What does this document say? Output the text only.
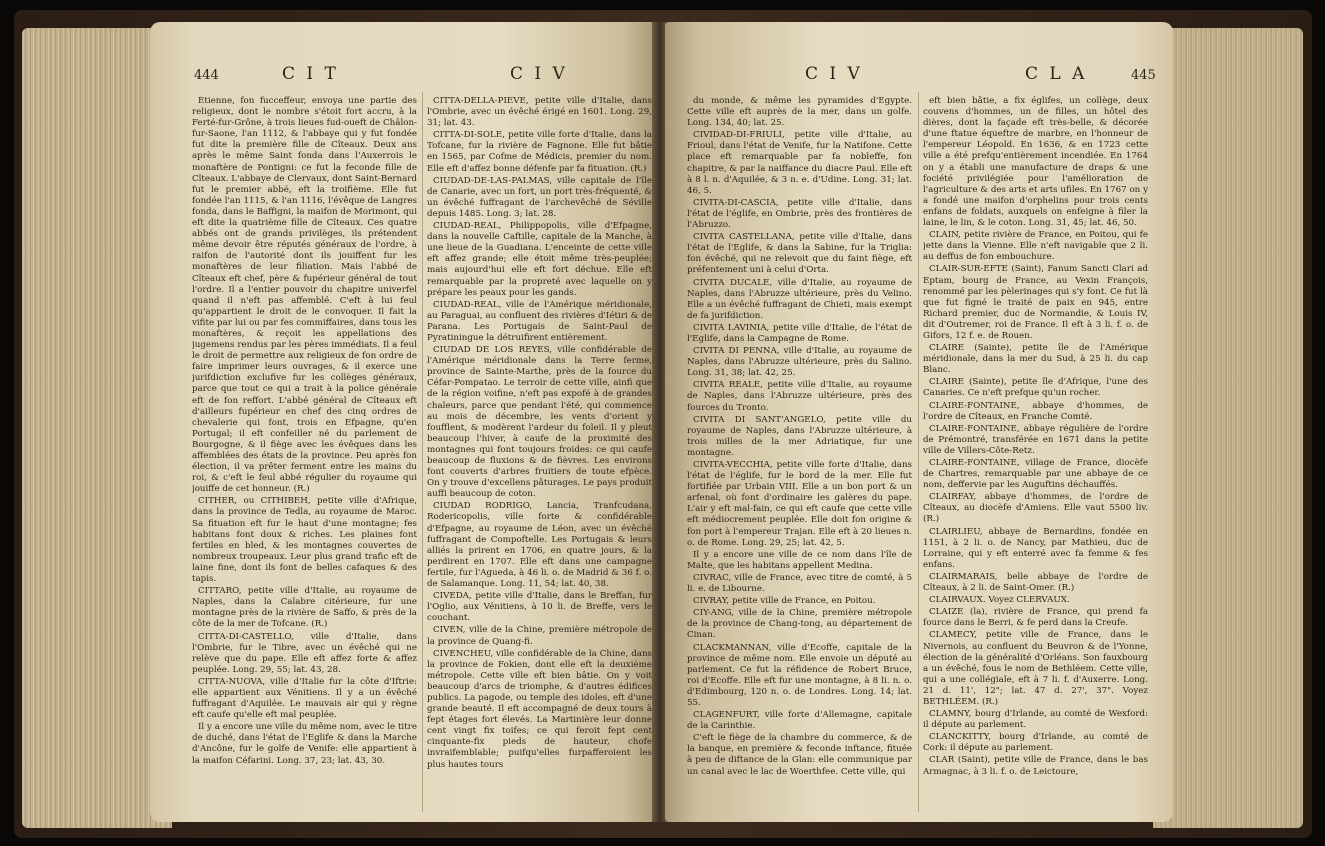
444	C I T	C I V

Étienne, fon fucceffeur, envoya une partie des religieux, dont le nombre s'étoit fort accru, à la Ferté-fur-Grône, à trois lieues fud-oueft de Châlon-fur-Saone, l'an 1112, & l'abbaye qui y fut fondée fut dite la première fille de Cîteaux. Deux ans après le même Saint fonda dans l'Auxerrois le monaftère de Pontigni: ce fut la feconde fille de Cîteaux. L'abbaye de Clervaux, dont Saint-Bernard fut le premier abbé, eft la troifième. Elle fut fondée l'an 1115, & l'an 1116, l'évêque de Langres fonda, dans le Baffigni, la maifon de Morimont, qui eft dite la quatrième fille de Cîteaux. Ces quatre abbés ont de grands privilèges, ils prétendent même devoir être réputés généraux de l'ordre, à raifon de l'autorité dont ils jouiffent fur les monaftères de leur filiation. Mais l'abbé de Cîteaux eft chef, père & fupérieur général de tout l'ordre. Il a l'entier pouvoir du chapitre univerfel quand il n'eft pas affemblé. C'eft à lui feul qu'appartient le droit de le convoquer. Il fait la vifite par lui ou par fes commiffaires, dans tous les monaftères, & reçoit les appellations des jugemens rendus par les pères immédiats. Il a feul le droit de permettre aux religieux de fon ordre de faire imprimer leurs ouvrages, & il exerce une jurifdiction exclufive fur les collèges généraux, parce que tout ce qui a trait à la police générale eft de fon reffort. L'abbé général de Cîteaux eft d'ailleurs fupérieur en chef des cinq ordres de chevalerie qui font, trois en Efpagne, qu'en Portugal; il eft confeiller né du parlement de Bourgogne, & il fiège avec les évêques dans les affemblées des états de la province. Peu après fon élection, il va prêter ferment entre les mains du roi, & c'eft le feul abbé régulier du royaume qui jouiffe de cet honneur. (R.)

CITHER, ou CITHIBEH, petite ville d'Afrique, dans la province de Tedla, au royaume de Maroc. Sa fituation eft fur le haut d'une montagne; fes habitans font doux & riches. Les plaines font fertiles en bled, & les montagnes couvertes de nombreux troupeaux. Leur plus grand trafic eft de laine fine, dont ils font de belles cafaques & des tapis.

CITTARO, petite ville d'Italie, au royaume de Naples, dans la Calabre citérieure, fur une montagne près de la rivière de Saffo, & près de la côte de la mer de Tofcane. (R.)

CITTA-DI-CASTELLO, ville d'Italie, dans l'Ombrie, fur le Tibre, avec un évêché qui ne relève que du pape. Elle eft affez forte & affez peuplée. Long. 29, 55; lat. 43, 28.

CITTA-NUOVA, ville d'Italie fur la côte d'Iftrie: elle appartient aux Vénitiens. Il y a un évêché fuffragant d'Aquilée. Le mauvais air qui y règne eft caufe qu'elle eft mal peuplée.

Il y a encore une ville du même nom, avec le titre de duché, dans l'état de l'Eglife & dans la Marche d'Ancône, fur le golfe de Venife: elle appartient à la maifon Céfarini. Long. 37, 23; lat. 43, 30.

CITTA-DELLA-PIEVE, petite ville d'Italie, dans l'Ombrie, avec un évêché érigé en 1601. Long. 29, 31; lat. 43.

CITTA-DI-SOLE, petite ville forte d'Italie, dans la Tofcane, fur la rivière de Fagnone. Elle fut bâtie en 1565, par Cofme de Médicis, premier du nom. Elle eft d'affez bonne défenfe par fa fituation. (R.)

CIUDAD-DE-LAS-PALMAS, ville capitale de l'île de Canarie, avec un fort, un port très-fréquenté, & un évêché fuffragant de l'archevêché de Séville depuis 1485. Long. 3; lat. 28.

CIUDAD-REAL, Philippopolis, ville d'Efpagne, dans la nouvelle Caftille, capitale de la Manche, à une lieue de la Guadiana. L'enceinte de cette ville eft affez grande; elle étoit même très-peuplée; mais aujourd'hui elle eft fort déchue. Elle eft remarquable par la propreté avec laquelle on y prépare les peaux pour les gands.

CIUDAD-REAL, ville de l'Amérique méridionale, au Paraguai, au confluent des rivières d'Iétiri & de Parana. Les Portugais de Saint-Paul de Pyratiningue la détruifirent entièrement.

CIUDAD DE LOS REYES, ville confidérable de l'Amérique méridionale dans la Terre ferme, province de Sainte-Marthe, près de la fource du Céfar-Pompatao. Le terroir de cette ville, ainfi que de la région voifine, n'eft pas expofé à de grandes chaleurs, parce que pendant l'été, qui commence au mois de décembre, les vents d'orient y foufflent, & modèrent l'ardeur du foleil. Il y pleut beaucoup l'hiver, à caufe de la proximité des montagnes qui font toujours froides: ce qui caufe beaucoup de fluxions & de fièvres. Les environs font couverts d'arbres fruitiers de toute efpèce. On y trouve d'excellens pâturages. Le pays produit auffi beaucoup de coton.

CIUDAD RODRIGO, Lancia, Tranfcudana, Rodericopolis, ville forte & confidérable d'Efpagne, au royaume de Léon, avec un évêché fuffragant de Compoftelle. Les Portugais & leurs alliés la prirent en 1706, en quatre jours, & la perdirent en 1707. Elle eft dans une campagne fertile, fur l'Agueda, à 46 li. o. de Madrid & 36 f. o. de Salamanque. Long. 11, 54; lat. 40, 38.

CIVEDA, petite ville d'Italie, dans le Breffan, fur l'Oglio, aux Vénitiens, à 10 li. de Breffe, vers le couchant.

CIVEN, ville de la Chine, première métropole de la province de Quang-fi.

CIVENCHEU, ville confidérable de la Chine, dans la province de Fokien, dont elle eft la deuxième métropole. Cette ville eft bien bâtie. On y voit beaucoup d'arcs de triomphe, & d'autres édifices publics. La pagode, ou temple des idoles, eft d'une grande beauté. Il eft accompagné de deux tours à fept étages fort élevés. La Martinière leur donne cent vingt fix toifes; ce qui feroit fept cent cinquante-fix pieds de hauteur, chofe invraifemblable; puifqu'elles furpafferoient les plus hautes tours

C I V	C L A	445

du monde, & même les pyramides d'Egypte. Cette ville eft auprès de la mer, dans un golfe. Long. 134, 40; lat. 25.

CIVIDAD-DI-FRIULI, petite ville d'Italie, au Frioul, dans l'état de Venife, fur la Natifone. Cette place eft remarquable par fa nobleffe, fon chapitre, & par la naiffance du diacre Paul. Elle eft à 8 l. n. d'Aquilée, & 3 n. e. d'Udine. Long. 31; lat. 46, 5.

CIVITA-DI-CASCIA, petite ville d'Italie, dans l'état de l'églife, en Ombrie, près des frontières de l'Abruzzo.

CIVITA CASTELLANA, petite ville d'Italie, dans l'état de l'Eglife, & dans la Sabine, fur la Triglia: fon évêché, qui ne relevoit que du faint fiège, eft préfentement uni à celui d'Orta.

CIVITA DUCALE, ville d'Italie, au royaume de Naples, dans l'Abruzze ultérieure, près du Velino. Elle a un évêché fuffragant de Chieti, mais exempt de fa jurifdiction.

CIVITA LAVINIA, petite ville d'Italie, de l'état de l'Eglife, dans la Campagne de Rome.

CIVITA DI PENNA, ville d'Italie, au royaume de Naples, dans l'Abruzze ultérieure, près du Salino. Long. 31, 38; lat. 42, 25.

CIVITA REALE, petite ville d'Italie, au royaume de Naples, dans l'Abruzze ultérieure, près des fources du Tronto.

CIVITA DI SANT'ANGELO, petite ville du royaume de Naples, dans l'Abruzze ultérieure, à trois milles de la mer Adriatique, fur une montagne.

CIVITA-VECCHIA, petite ville forte d'Italie, dans l'état de l'églife, fur le bord de la mer. Elle fut fortifiée par Urbain VIII. Elle a un bon port & un arfenal, où font d'ordinaire les galères du pape. L'air y eft mal-fain, ce qui eft caufe que cette ville eft médiocrement peuplée. Elle doit fon origine & fon port à l'empereur Trajan. Elle eft à 20 lieues n. o. de Rome. Long. 29, 25; lat. 42, 5.

Il y a encore une ville de ce nom dans l'île de Malte, que les habitans appellent Medina.

CIVRAC, ville de France, avec titre de comté, à 5 li. e. de Libourne.

CIVRAY, petite ville de France, en Poitou.

CIY-ANG, ville de la Chine, première métropole de la province de Chang-tong, au département de Cinan.

CLACKMANNAN, ville d'Ecoffe, capitale de la province de même nom. Elle envoie un député au parlement. Ce fut la réfidence de Robert Bruce, roi d'Ecoffe. Elle eft fur une montagne, à 8 li. n. o. d'Edimbourg, 120 n. o. de Londres. Long. 14; lat. 55.

CLAGENFURT, ville forte d'Allemagne, capitale de la Carinthie.

C'eft le fiège de la chambre du commerce, & de la banque, en première & feconde inftance, fituée à peu de diftance de la Glan: elle communique par un canal avec le lac de Woerthfee. Cette ville, qui

eft bien bâtie, a fix églifes, un collège, deux couvens d'hommes, un de filles, un hôtel des dières, dont la façade eft très-belle, & décorée d'une ftatue équeftre de marbre, en l'honneur de l'empereur Léopold. En 1636, & en 1723 cette ville a été prefqu'entièrement incendiée. En 1764 on y a établi une manufacture de draps & une fociété privilégiée pour l'amélioration de l'agriculture & des arts et arts ufiles. En 1767 on y a fondé une maifon d'orphelins pour trois cents enfans de foldats, auxquels on enfeigne à filer la laine, le lin, & le coton. Long. 31, 45; lat. 46, 50.

CLAIN, petite rivière de France, en Poitou, qui fe jette dans la Vienne. Elle n'eft navigable que 2 li. au deffus de fon embouchure.

CLAIR-SUR-EFTE (Saint), Fanum Sancti Clari ad Eptam, bourg de France, au Vexin François, renommé par les pèlerinages qui s'y font. Ce fut là que fut figné le traité de paix en 945, entre Richard premier, duc de Normandie, & Louis IV, dit d'Outremer, roi de France. Il eft à 3 li. f. o. de Gifors, 12 f. e. de Rouen.

CLAIRE (Sainte), petite île de l'Amérique méridionale, dans la mer du Sud, à 25 li. du cap Blanc.

CLAIRE (Sainte), petite île d'Afrique, l'une des Canaries. Ce n'eft prefque qu'un rocher.

CLAIRE-FONTAINE, abbaye d'hommes, de l'ordre de Cîteaux, en Franche Comté.

CLAIRE-FONTAINE, abbaye régulière de l'ordre de Prémontré, transférée en 1671 dans la petite ville de Villers-Côte-Retz.

CLAIRE-FONTAINE, village de France, diocèfe de Chartres, remarquable par une abbaye de ce nom, deffervie par les Auguftins déchauffés.

CLAIRFAY, abbaye d'hommes, de l'ordre de Cîteaux, au diocèfe d'Amiens. Elle vaut 5500 liv. (R.)

CLAIRLIEU, abbaye de Bernardins, fondée en 1151, à 2 li. o. de Nancy, par Mathieu, duc de Lorraine, qui y eft enterré avec fa femme & fes enfans.

CLAIRMARAIS, belle abbaye de l'ordre de Cîteaux, à 2 li. de Saint-Omer. (R.)

CLAIRVAUX. Voyez CLERVAUX.

CLAIZE (la), rivière de France, qui prend fa fource dans le Berri, & fe perd dans la Creufe.

CLAMECY, petite ville de France, dans le Nivernois, au confluent du Beuvron & de l'Yonne, élection de la généralité d'Orléans. Son fauxbourg a un évêché, fous le nom de Bethléem. Cette ville, qui a une collégiale, eft à 7 li. f. d'Auxerre. Long. 21 d. 11', 12"; lat. 47 d. 27', 37". Voyez BETHLÉEM. (R.)

CLAMNY, bourg d'Irlande, au comté de Wexford: il députe au parlement.

CLANCKITTY, bourg d'Irlande, au comté de Cork: il députe au parlement.

CLAR (Saint), petite ville de France, dans le bas Armagnac, à 3 li. f. o. de Leictoure,
